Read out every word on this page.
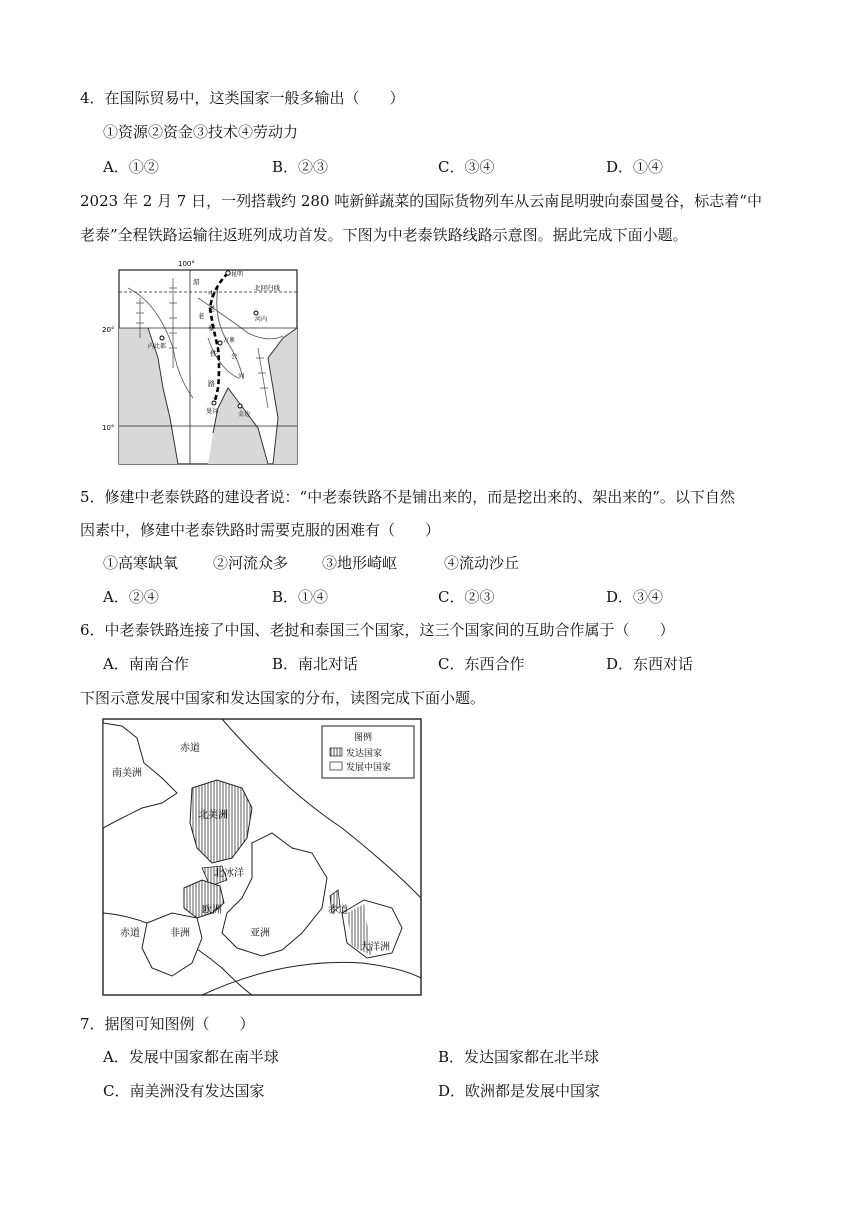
4．在国际贸易中，这类国家一般多输出（　　）
①资源②资金③技术④劳动力
A．①②	B．②③	C．③④	D．①④
2023 年 2 月 7 日，一列搭载约 280 吨新鲜蔬菜的国际货物列车从云南昆明驶向泰国曼谷，标志着“中
老泰”全程铁路运输往返班列成功首发。下图为中老泰铁路线路示意图。据此完成下面小题。
100°
20°
10°
昆明
北回归线
河内
内比都
万象
曼谷	金边
中
老
泰
铁
路
湄
公
河
老
5．修建中老泰铁路的建设者说：“中老泰铁路不是铺出来的，而是挖出来的、架出来的”。以下自然
因素中，修建中老泰铁路时需要克服的困难有（　　）
①高寒缺氧 ②河流众多 ③地形崎岖	④流动沙丘
A．②④	B．①④	C．②③	D．③④
6．中老泰铁路连接了中国、老挝和泰国三个国家，这三个国家间的互助合作属于（　　）
A．南南合作	B．南北对话	C．东西合作	D．东西对话
下图示意发展中国家和发达国家的分布，读图完成下面小题。
图例
发达国家
发展中国家
赤道
南美洲
北美洲
北冰洋
欧洲
非洲	亚洲
赤道
赤道
大洋洲
7．据图可知图例（　　）
A．发展中国家都在南半球	B．发达国家都在北半球
C．南美洲没有发达国家	D．欧洲都是发展中国家
